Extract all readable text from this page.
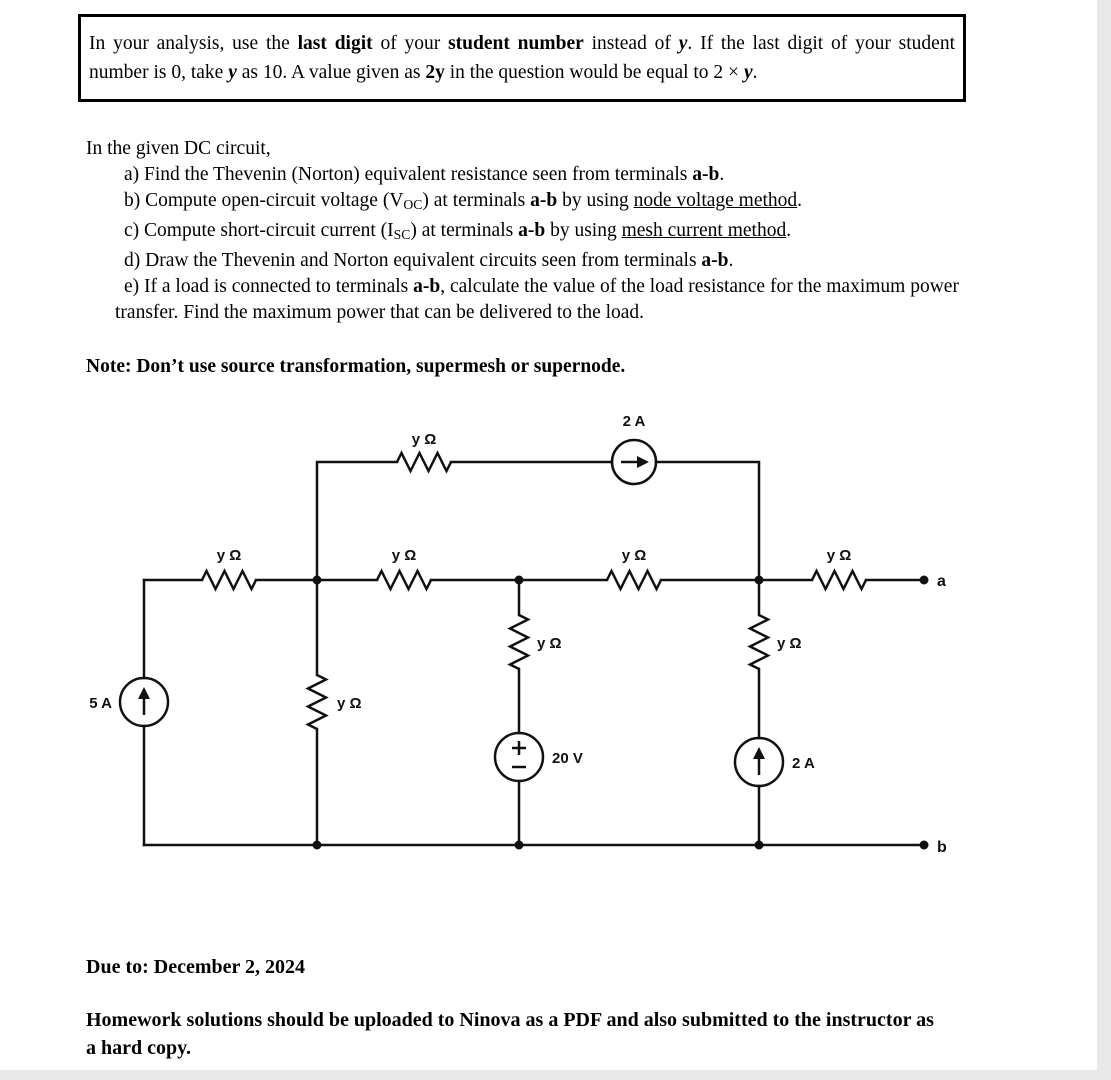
In your analysis, use the last digit of your student number instead of y. If the last digit of your student number is 0, take y as 10. A value given as 2y in the question would be equal to 2 × y.

In the given DC circuit,

a) Find the Thevenin (Norton) equivalent resistance seen from terminals a-b.

b) Compute open-circuit voltage $(V_{OC})$ at terminals a-b by using node voltage method.

c) Compute short-circuit current $(I_{SC})$ at terminals a-b by using mesh current method.

d) Draw the Thevenin and Norton equivalent circuits seen from terminals a-b.

e) If a load is connected to terminals a-b, calculate the value of the load resistance for the maximum power transfer. Find the maximum power that can be delivered to the load.

Note: Don’t use source transformation, supermesh or supernode.

y Ω
2 A
y Ω	y Ω	y Ω	y Ω
y Ω
y Ω	y Ω
5 A
20 V	2 A
a
b

Due to: December 2, 2024

Homework solutions should be uploaded to Ninova as a PDF and also submitted to the instructor as a hard copy.
